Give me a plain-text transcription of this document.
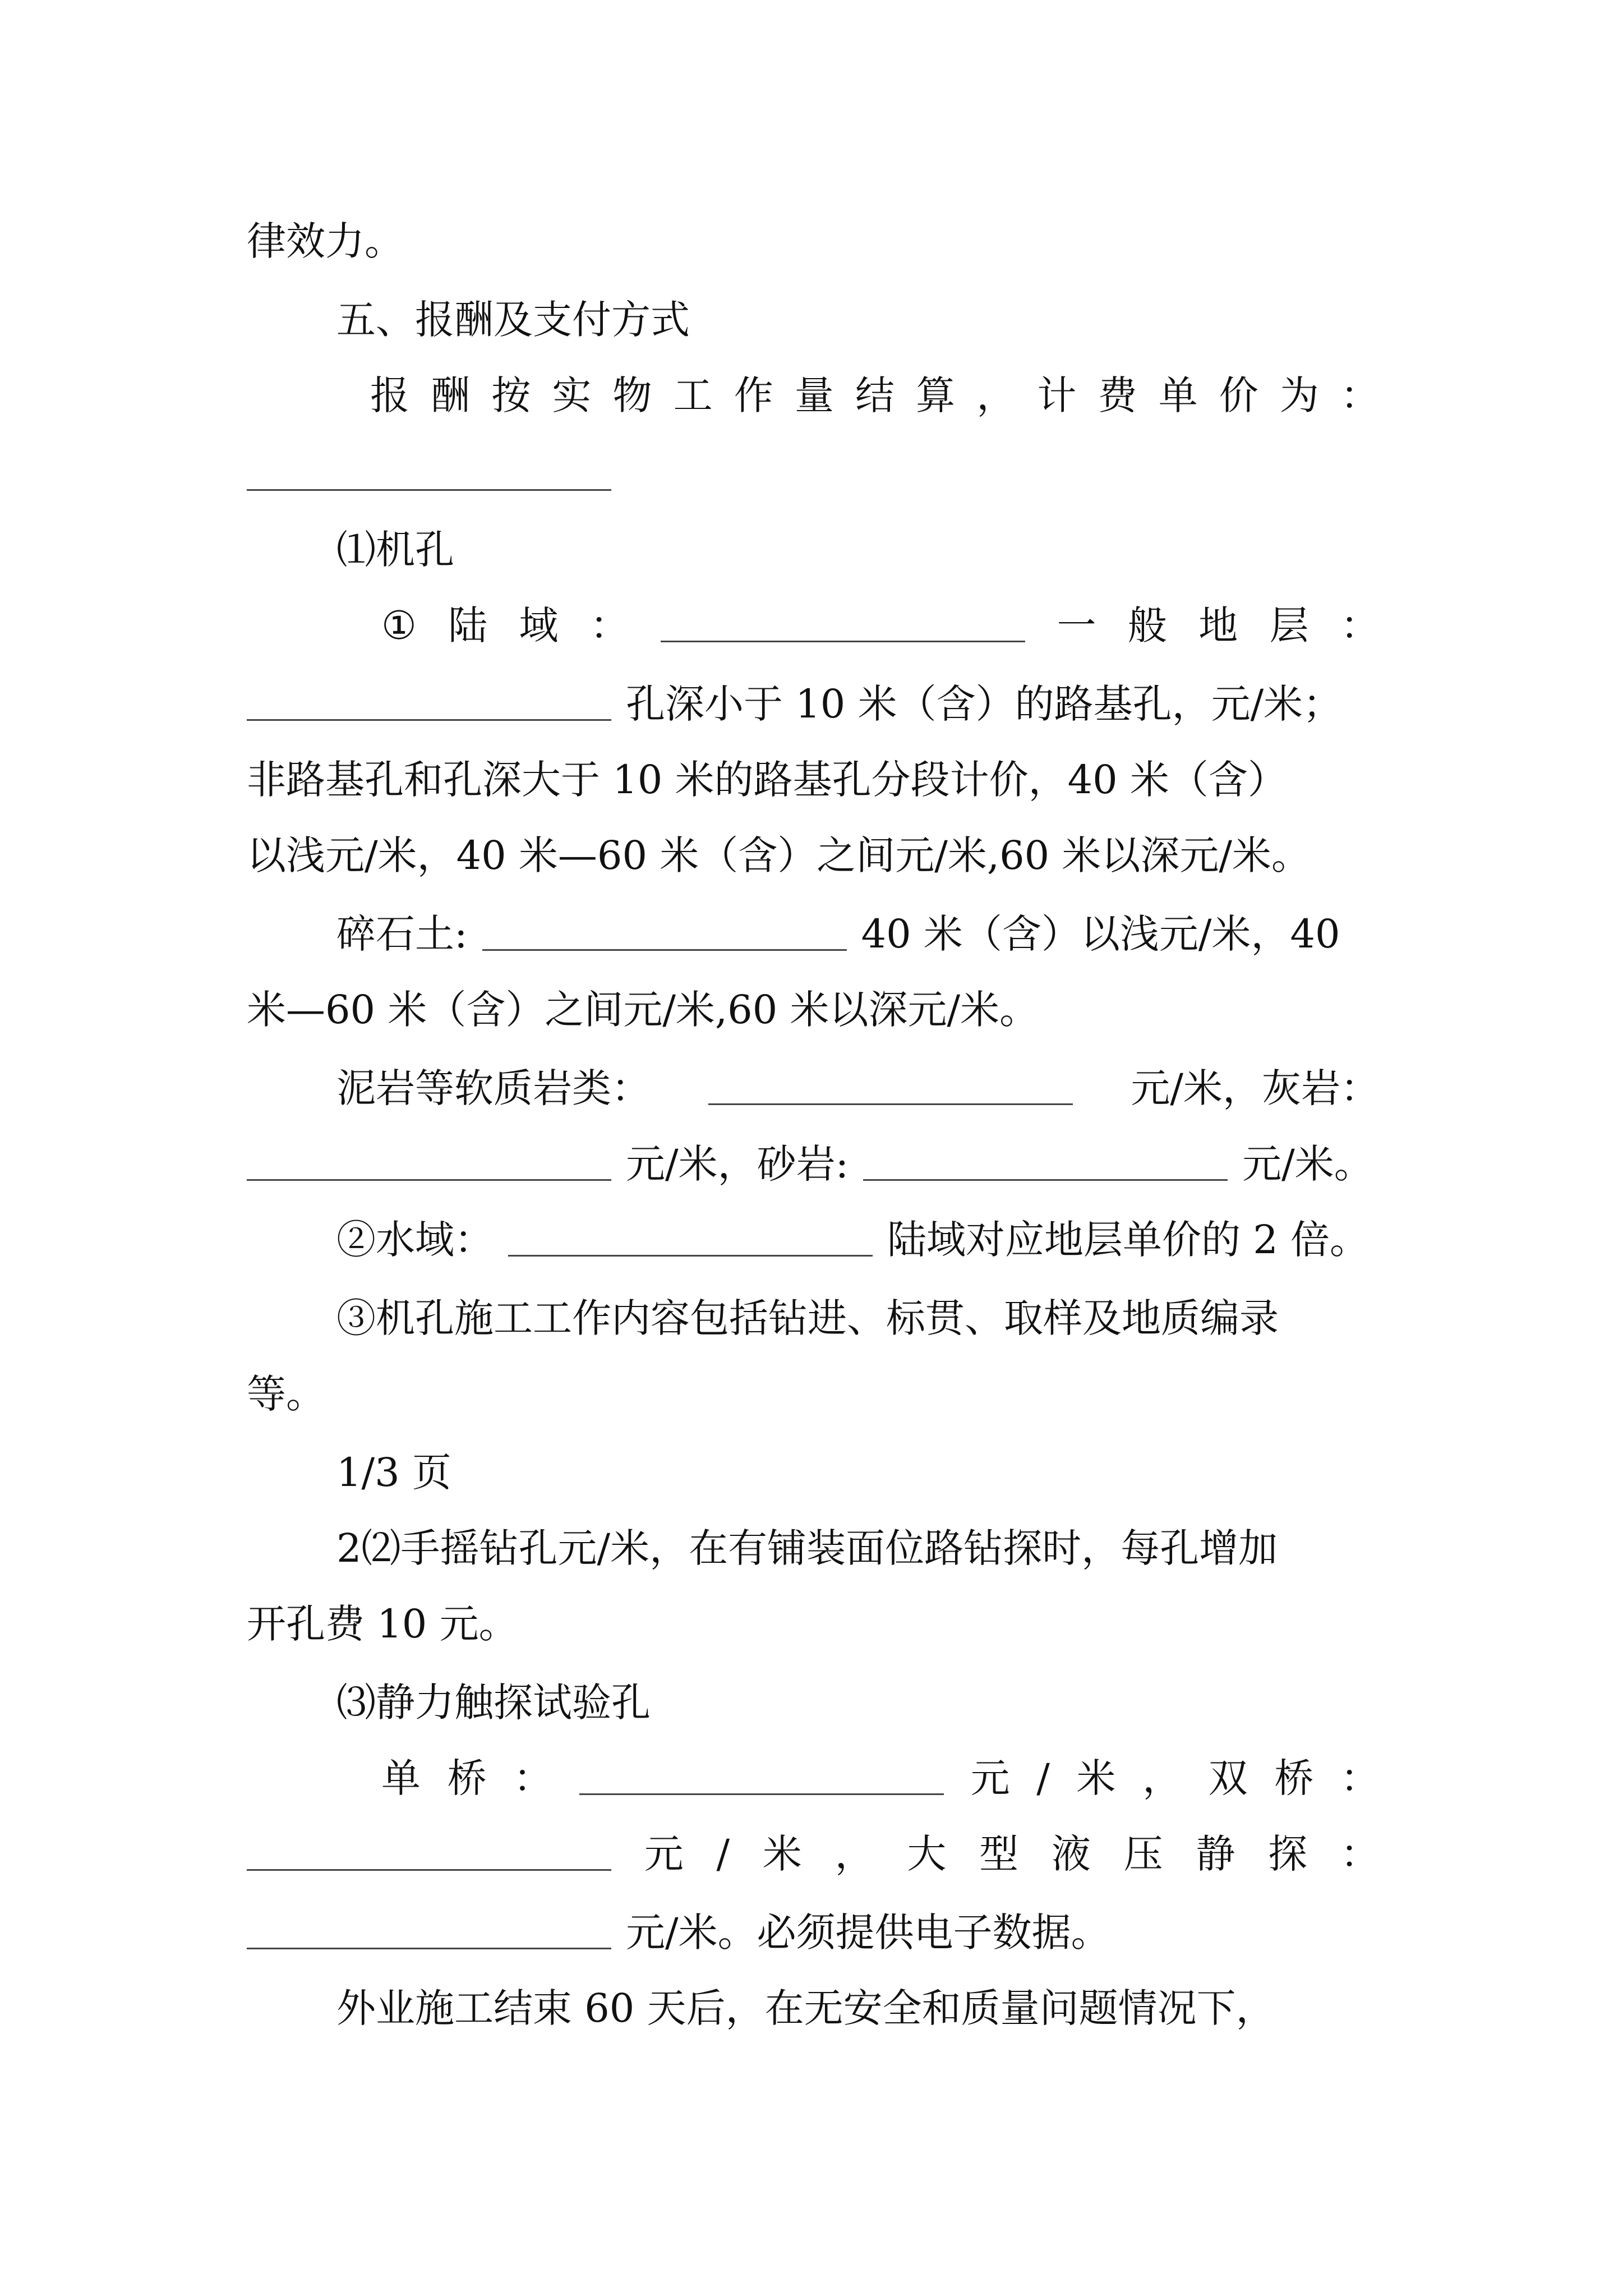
律效力。
五、报酬及支付方式
报 酬 按 实 物 工 作 量 结 算 ， 计 费 单 价 为 ：
⑴机孔
① 陆 域 ：	一 般 地 层 ：
孔深小于 10 米（含）的路基孔，元/米；
非路基孔和孔深大于 10 米的路基孔分段计价，40 米（含）
以浅元/米，40 米—60 米（含）之间元/米,60 米以深元/米。
碎石土:	40 米（含）以浅元/米，40
米—60 米（含）之间元/米,60 米以深元/米。
泥岩等软质岩类：	元/米，灰岩：
元/米，砂岩:	元/米。
②水域：	陆域对应地层单价的 2 倍。
③机孔施工工作内容包括钻进、标贯、取样及地质编录
等。
1/3 页
2⑵手摇钻孔元/米，在有铺装面位路钻探时，每孔增加
开孔费 10 元。
⑶静力触探试验孔
单 桥 ：	元 / 米 ， 双 桥 ：
元 / 米 ， 大 型 液 压 静 探 ：
元/米。必须提供电子数据。
外业施工结束 60 天后，在无安全和质量问题情况下，
